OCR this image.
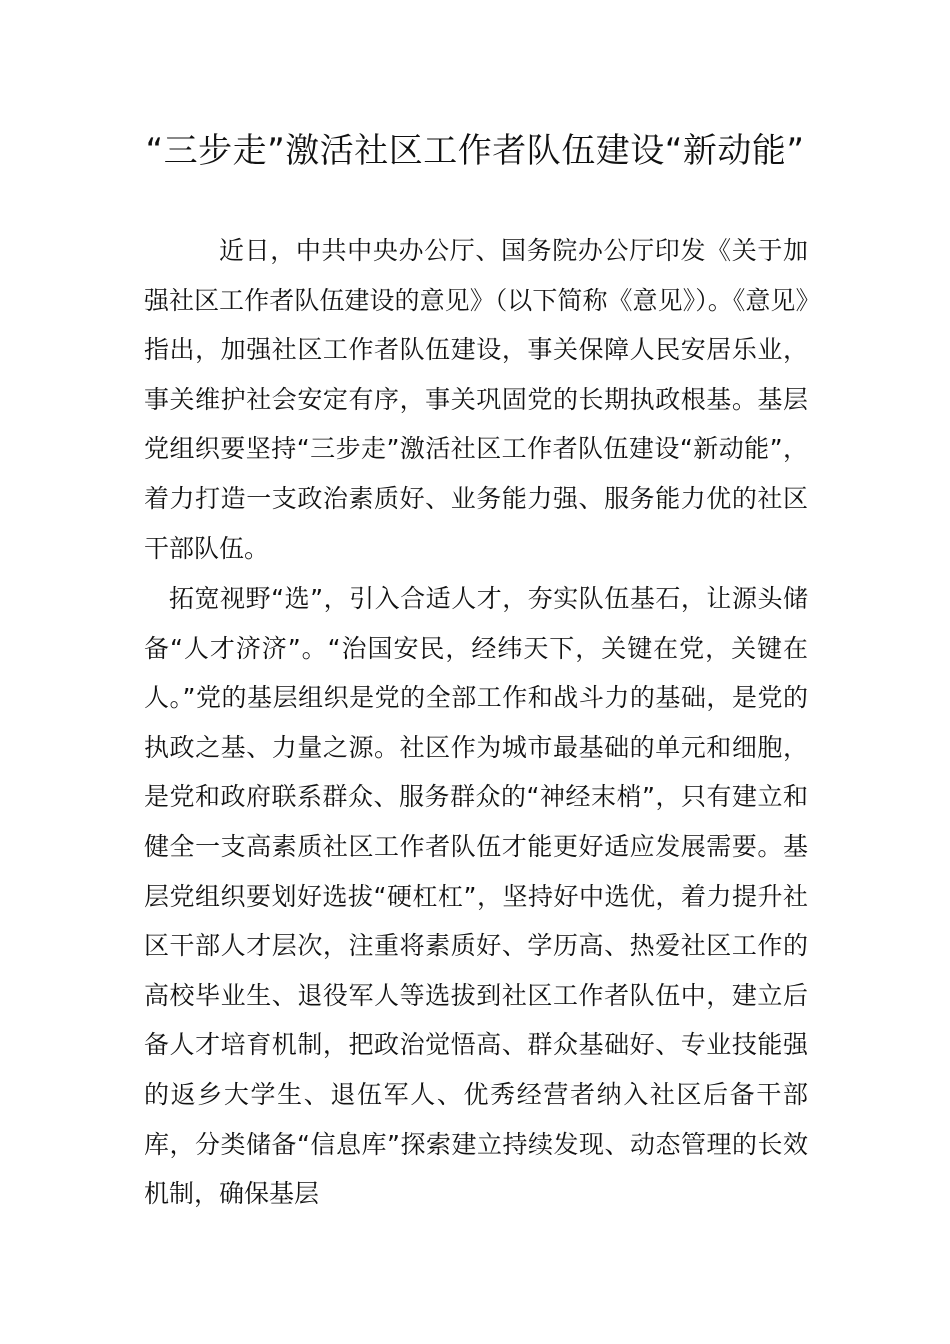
“三步走”激活社区工作者队伍建设“新动能”

近日，中共中央办公厅、国务院办公厅印发《关于加强社区工作者队伍建设的意见》（以下简称《意见》）。《意见》指出，加强社区工作者队伍建设，事关保障人民安居乐业，事关维护社会安定有序，事关巩固党的长期执政根基。基层党组织要坚持“三步走”激活社区工作者队伍建设“新动能”，着力打造一支政治素质好、业务能力强、服务能力优的社区干部队伍。

拓宽视野“选”，引入合适人才，夯实队伍基石，让源头储备“人才济济”。“治国安民，经纬天下，关键在党，关键在人。”党的基层组织是党的全部工作和战斗力的基础，是党的执政之基、力量之源。社区作为城市最基础的单元和细胞，是党和政府联系群众、服务群众的“神经末梢”，只有建立和健全一支高素质社区工作者队伍才能更好适应发展需要。基层党组织要划好选拔“硬杠杠”，坚持好中选优，着力提升社区干部人才层次，注重将素质好、学历高、热爱社区工作的高校毕业生、退役军人等选拔到社区工作者队伍中，建立后备人才培育机制，把政治觉悟高、群众基础好、专业技能强的返乡大学生、退伍军人、优秀经营者纳入社区后备干部库，分类储备“信息库”探索建立持续发现、动态管理的长效机制，确保基层
